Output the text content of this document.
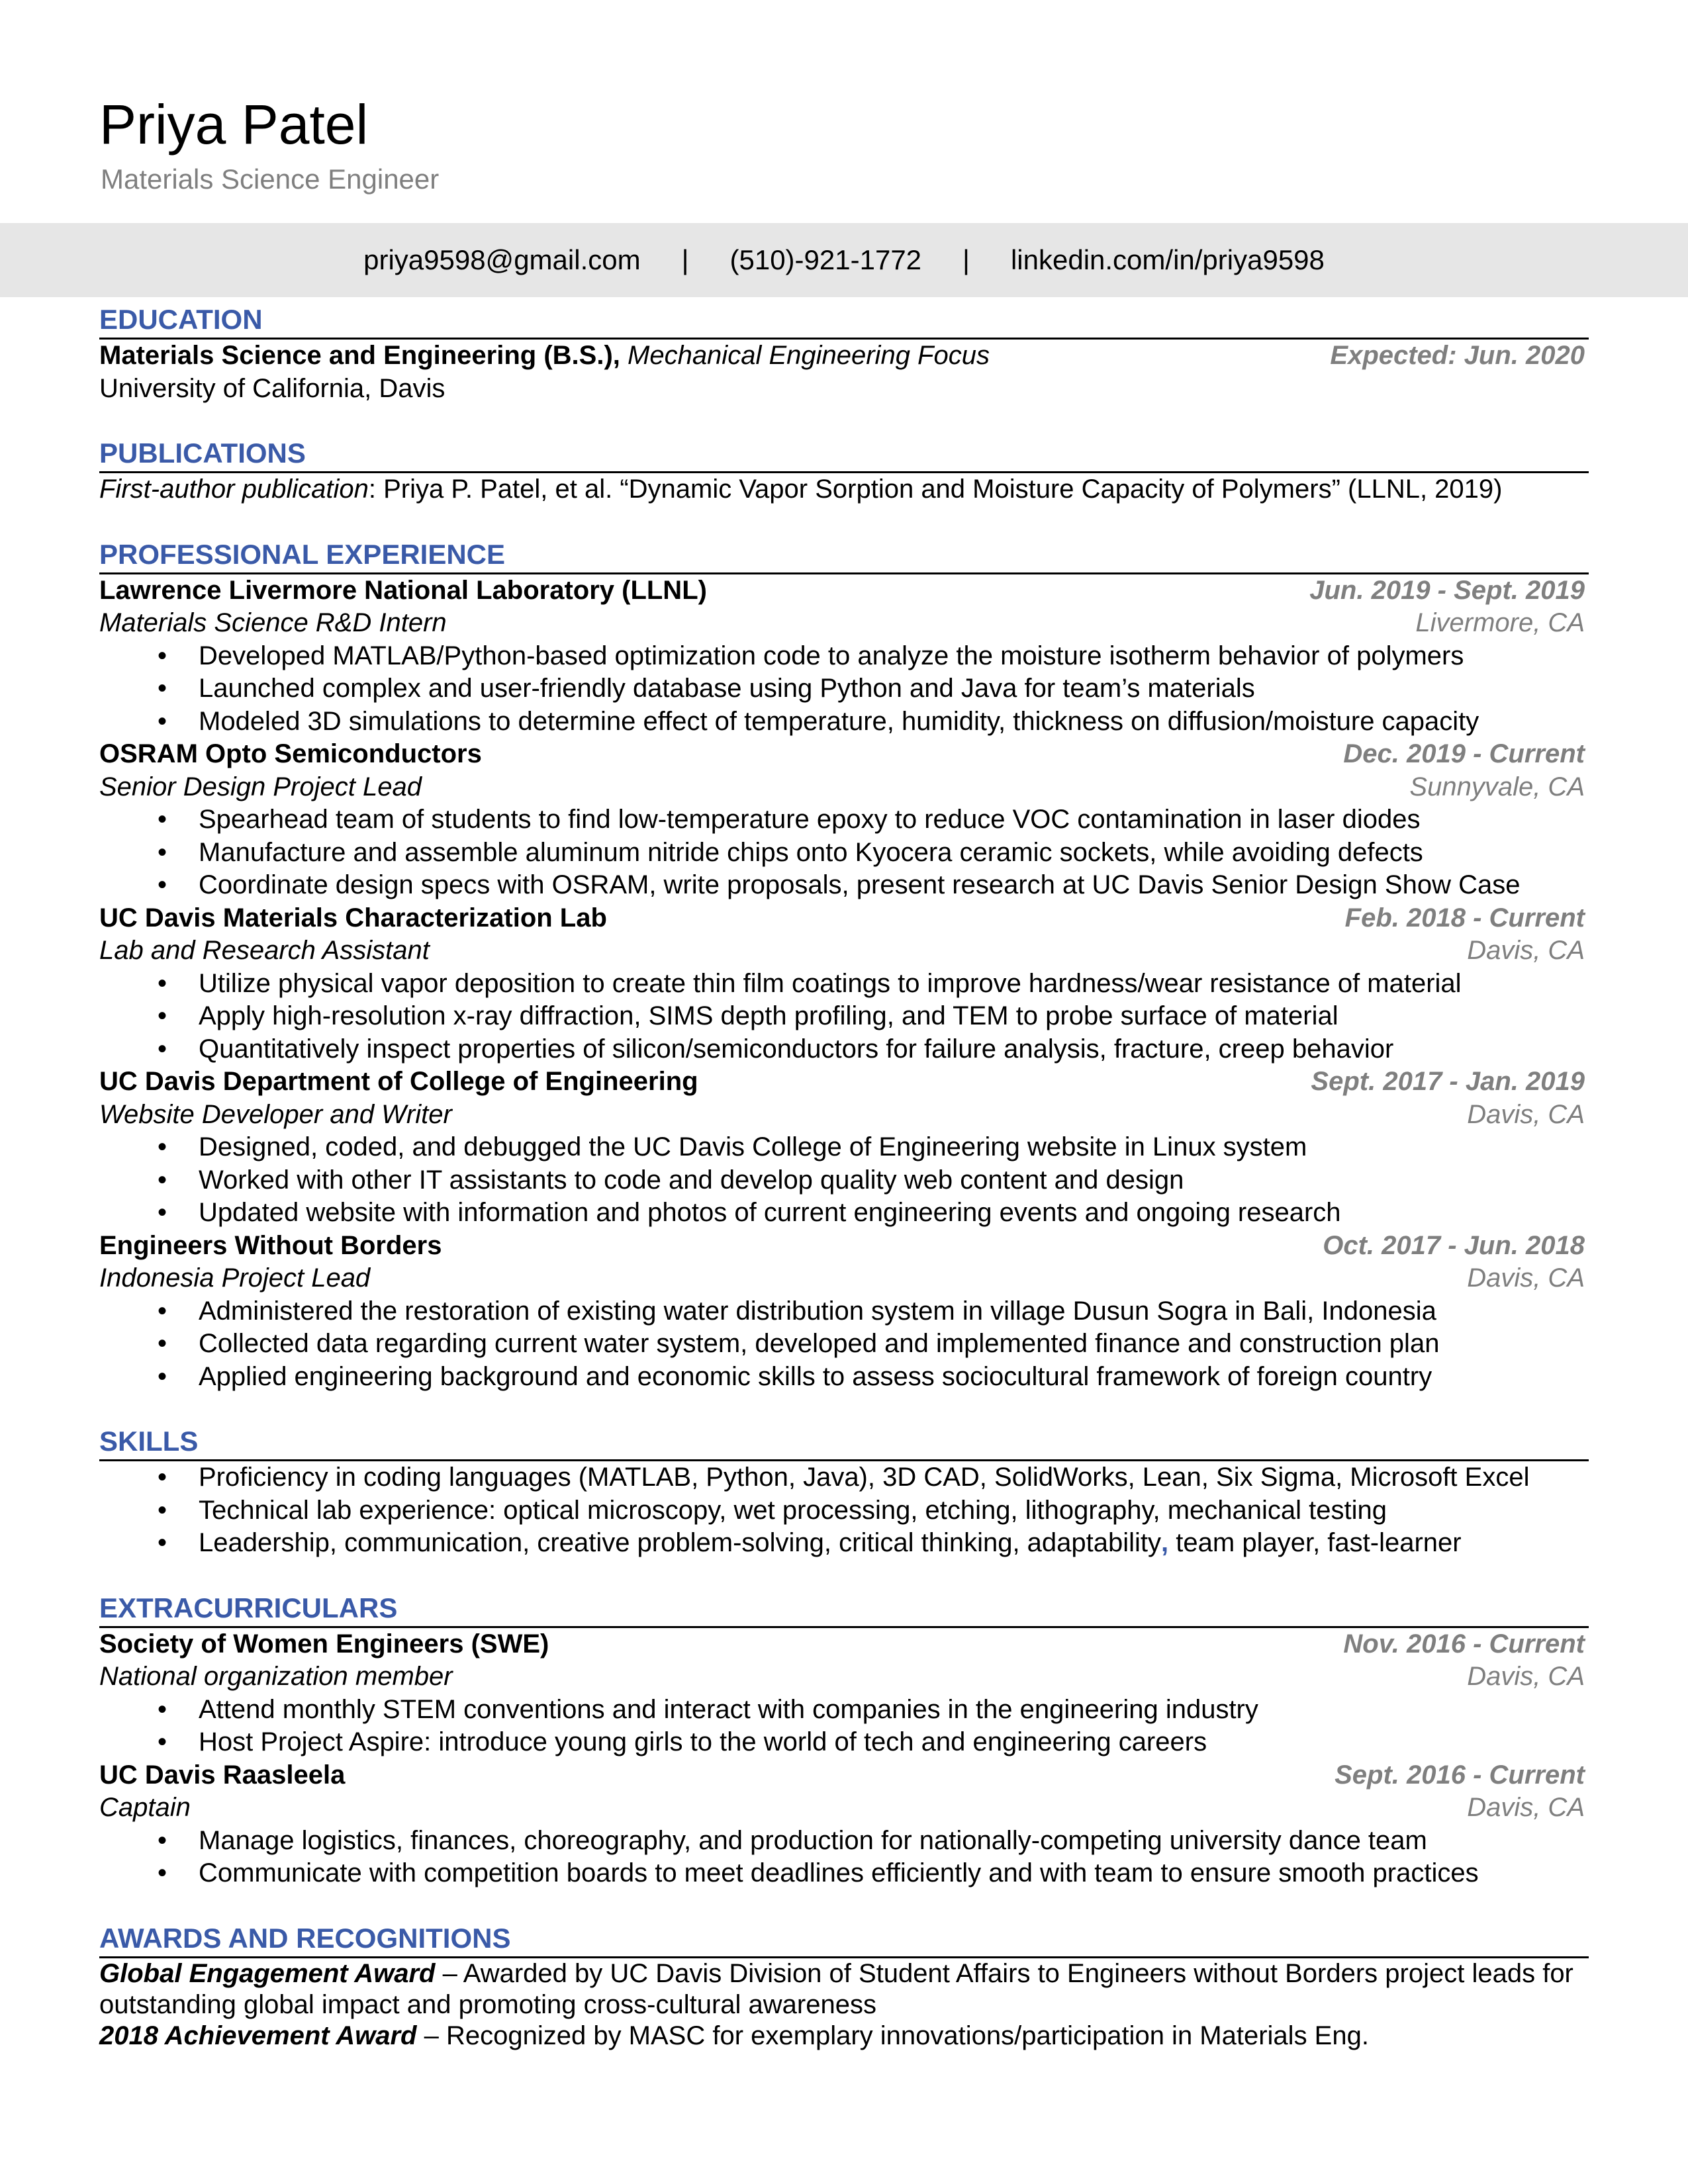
Priya Patel
Materials Science Engineer
priya9598@gmail.com | (510)-921-1772 | linkedin.com/in/priya9598
EDUCATION
Materials Science and Engineering (B.S.), Mechanical Engineering Focus	Expected: Jun. 2020
University of California, Davis
PUBLICATIONS
First-author publication: Priya P. Patel, et al. “Dynamic Vapor Sorption and Moisture Capacity of Polymers” (LLNL, 2019)
PROFESSIONAL EXPERIENCE
Lawrence Livermore National Laboratory (LLNL)	Jun. 2019 - Sept. 2019
Materials Science R&D Intern	Livermore, CA
• Developed MATLAB/Python-based optimization code to analyze the moisture isotherm behavior of polymers
• Launched complex and user-friendly database using Python and Java for team’s materials
• Modeled 3D simulations to determine effect of temperature, humidity, thickness on diffusion/moisture capacity
OSRAM Opto Semiconductors	Dec. 2019 - Current
Senior Design Project Lead	Sunnyvale, CA
• Spearhead team of students to find low-temperature epoxy to reduce VOC contamination in laser diodes
• Manufacture and assemble aluminum nitride chips onto Kyocera ceramic sockets, while avoiding defects
• Coordinate design specs with OSRAM, write proposals, present research at UC Davis Senior Design Show Case
UC Davis Materials Characterization Lab	Feb. 2018 - Current
Lab and Research Assistant	Davis, CA
• Utilize physical vapor deposition to create thin film coatings to improve hardness/wear resistance of material
• Apply high-resolution x-ray diffraction, SIMS depth profiling, and TEM to probe surface of material
• Quantitatively inspect properties of silicon/semiconductors for failure analysis, fracture, creep behavior
UC Davis Department of College of Engineering	Sept. 2017 - Jan. 2019
Website Developer and Writer	Davis, CA
• Designed, coded, and debugged the UC Davis College of Engineering website in Linux system
• Worked with other IT assistants to code and develop quality web content and design
• Updated website with information and photos of current engineering events and ongoing research
Engineers Without Borders	Oct. 2017 - Jun. 2018
Indonesia Project Lead	Davis, CA
• Administered the restoration of existing water distribution system in village Dusun Sogra in Bali, Indonesia
• Collected data regarding current water system, developed and implemented finance and construction plan
• Applied engineering background and economic skills to assess sociocultural framework of foreign country
SKILLS
• Proficiency in coding languages (MATLAB, Python, Java), 3D CAD, SolidWorks, Lean, Six Sigma, Microsoft Excel
• Technical lab experience: optical microscopy, wet processing, etching, lithography, mechanical testing
• Leadership, communication, creative problem-solving, critical thinking, adaptability, team player, fast-learner
EXTRACURRICULARS
Society of Women Engineers (SWE)	Nov. 2016 - Current
National organization member	Davis, CA
• Attend monthly STEM conventions and interact with companies in the engineering industry
• Host Project Aspire: introduce young girls to the world of tech and engineering careers
UC Davis Raasleela	Sept. 2016 - Current
Captain	Davis, CA
• Manage logistics, finances, choreography, and production for nationally-competing university dance team
• Communicate with competition boards to meet deadlines efficiently and with team to ensure smooth practices
AWARDS AND RECOGNITIONS
Global Engagement Award – Awarded by UC Davis Division of Student Affairs to Engineers without Borders project leads for outstanding global impact and promoting cross-cultural awareness
2018 Achievement Award – Recognized by MASC for exemplary innovations/participation in Materials Eng.
